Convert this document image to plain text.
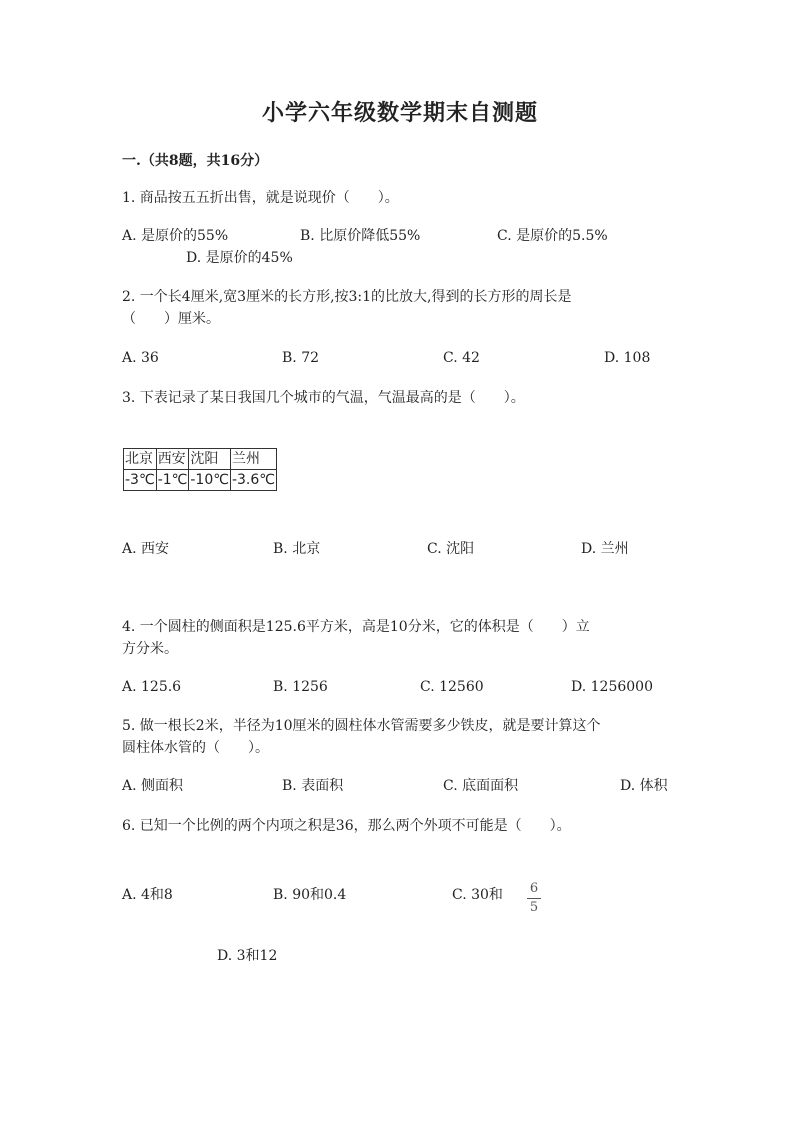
小学六年级数学期末自测题
一.（共8题，共16分）
1. 商品按五五折出售，就是说现价（　　）。
A. 是原价的55%	B. 比原价降低55%	C. 是原价的5.5%
D. 是原价的45%
2. 一个长4厘米,宽3厘米的长方形,按3:1的比放大,得到的长方形的周长是
（　　）厘米。
A. 36	B. 72	C. 42	D. 108
3. 下表记录了某日我国几个城市的气温，气温最高的是（　　）。
北京	西安	沈阳	兰州
-3℃	-1℃	-10℃	-3.6℃
A. 西安	B. 北京	C. 沈阳	D. 兰州
4. 一个圆柱的侧面积是125.6平方米，高是10分米，它的体积是（　　）立
方分米。
A. 125.6	B. 1256	C. 12560	D. 1256000
5. 做一根长2米，半径为10厘米的圆柱体水管需要多少铁皮，就是要计算这个
圆柱体水管的（　　）。
A. 侧面积	B. 表面积	C. 底面面积	D. 体积
6. 已知一个比例的两个内项之积是36，那么两个外项不可能是（　　）。
A. 4和8	B. 90和0.4	C. 30和 6
5
D. 3和12
